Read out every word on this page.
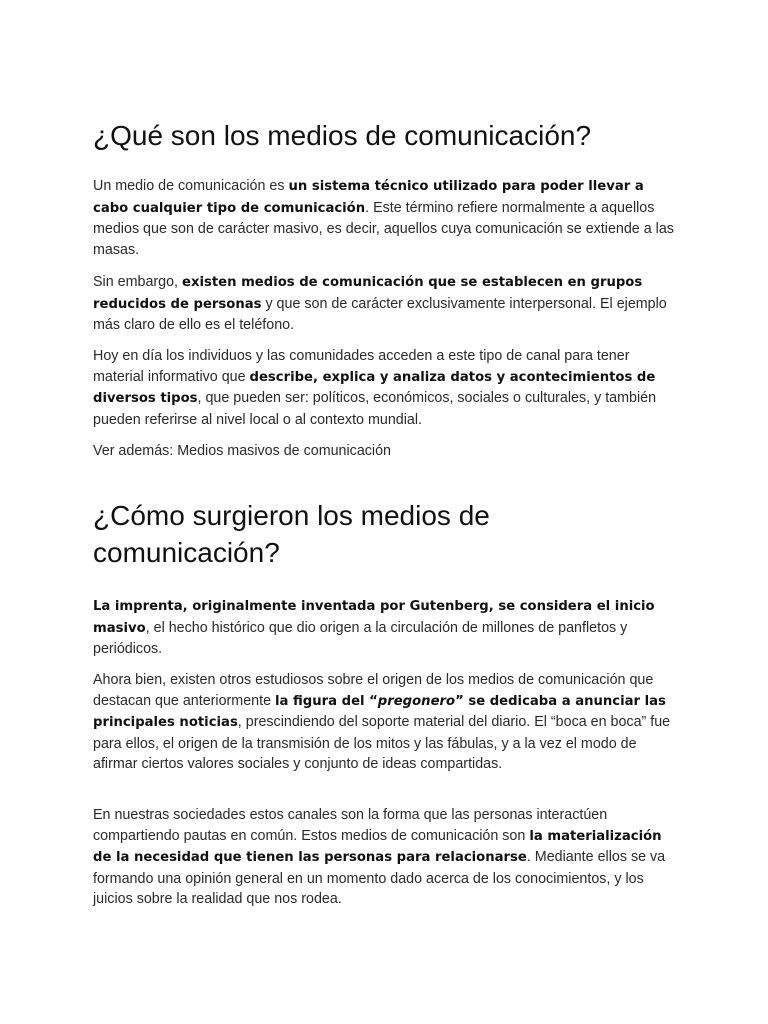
¿Qué son los medios de comunicación?

Un medio de comunicación es un sistema técnico utilizado para poder llevar a cabo cualquier tipo de comunicación. Este término refiere normalmente a aquellos medios que son de carácter masivo, es decir, aquellos cuya comunicación se extiende a las masas.

Sin embargo, existen medios de comunicación que se establecen en grupos reducidos de personas y que son de carácter exclusivamente interpersonal. El ejemplo más claro de ello es el teléfono.

Hoy en día los individuos y las comunidades acceden a este tipo de canal para tener material informativo que describe, explica y analiza datos y acontecimientos de diversos tipos, que pueden ser: políticos, económicos, sociales o culturales, y también pueden referirse al nivel local o al contexto mundial.

Ver además: Medios masivos de comunicación

¿Cómo surgieron los medios de
comunicación?

La imprenta, originalmente inventada por Gutenberg, se considera el inicio masivo, el hecho histórico que dio origen a la circulación de millones de panfletos y periódicos.

Ahora bien, existen otros estudiosos sobre el origen de los medios de comunicación que destacan que anteriormente la figura del “pregonero” se dedicaba a anunciar las principales noticias, prescindiendo del soporte material del diario. El “boca en boca” fue para ellos, el origen de la transmisión de los mitos y las fábulas, y a la vez el modo de afirmar ciertos valores sociales y conjunto de ideas compartidas.

En nuestras sociedades estos canales son la forma que las personas interactúen compartiendo pautas en común. Estos medios de comunicación son la materialización de la necesidad que tienen las personas para relacionarse. Mediante ellos se va formando una opinión general en un momento dado acerca de los conocimientos, y los juicios sobre la realidad que nos rodea.
